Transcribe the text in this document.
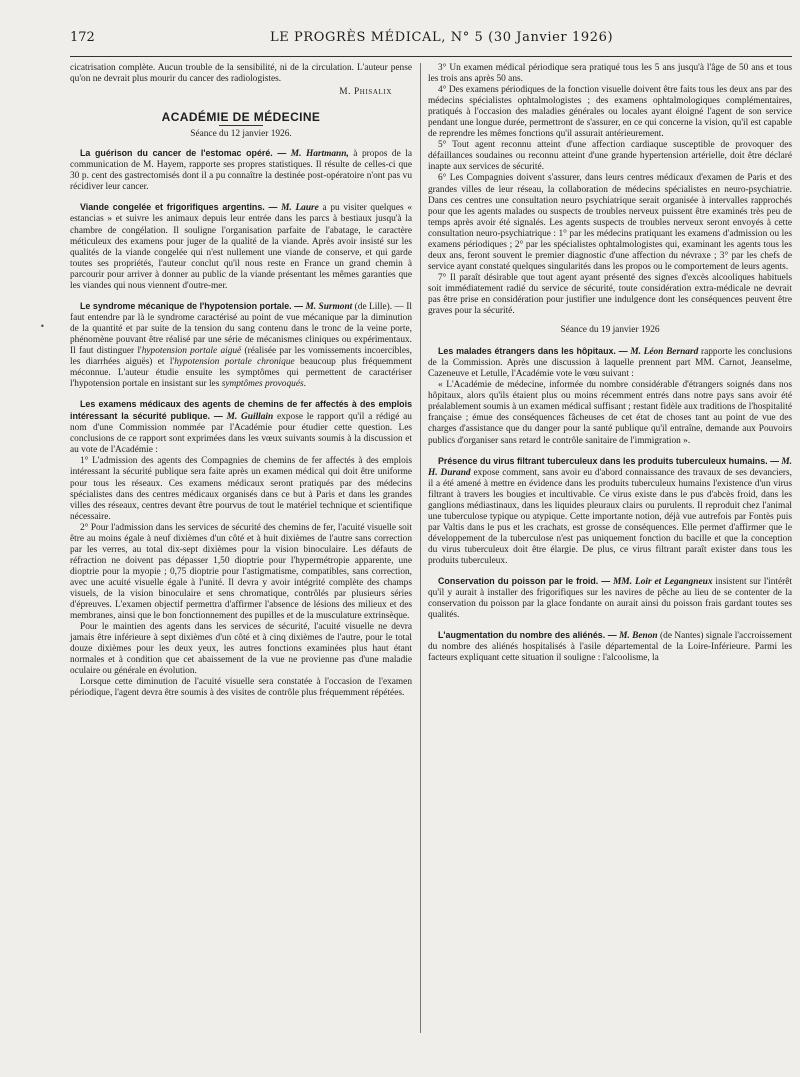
172	LE PROGRÈS MÉDICAL, N° 5 (30 Janvier 1926)
•

cicatrisation complète. Aucun trouble de la sensibilité, ni de la circulation. L'auteur pense qu'on ne devrait plus mourir du cancer des radiologistes.

M. Phisalix
ACADÉMIE DE MÉDECINE
Séance du 12 janvier 1926.

La guérison du cancer de l'estomac opéré. — M. Hartmann, à propos de la communication de M. Hayem, rapporte ses propres statistiques. Il résulte de celles-ci que 30 p. cent des gastrectomisés dont il a pu connaître la destinée post-opératoire n'ont pas vu récidiver leur cancer.

Viande congelée et frigorifiques argentins. — M. Laure a pu visiter quelques « estancias » et suivre les animaux depuis leur entrée dans les parcs à bestiaux jusqu'à la chambre de congélation. Il souligne l'organisation parfaite de l'abatage, le caractère méticuleux des examens pour juger de la qualité de la viande. Après avoir insisté sur les qualités de la viande congelée qui n'est nullement une viande de conserve, et qui garde toutes ses propriétés, l'auteur conclut qu'il nous reste en France un grand chemin à parcourir pour arriver à donner au public de la viande présentant les mêmes garanties que les viandes qui nous viennent d'outre-mer.

Le syndrome mécanique de l'hypotension portale. — M. Surmont (de Lille). — Il faut entendre par là le syndrome caractérisé au point de vue mécanique par la diminution de la quantité et par suite de la tension du sang contenu dans le tronc de la veine porte, phénomène pouvant être réalisé par une série de mécanismes cliniques ou expérimentaux. Il faut distinguer l'hypotension portale aiguë (réalisée par les vomissements incoercibles, les diarrhées aiguës) et l'hypotension portale chronique beaucoup plus fréquemment méconnue. L'auteur étudie ensuite les symptômes qui permettent de caractériser l'hypotension portale en insistant sur les symptômes provoqués.

Les examens médicaux des agents de chemins de fer affectés à des emplois intéressant la sécurité publique. — M. Guillain expose le rapport qu'il a rédigé au nom d'une Commission nommée par l'Académie pour étudier cette question. Les conclusions de ce rapport sont exprimées dans les vœux suivants soumis à la discussion et au vote de l'Académie :

1° L'admission des agents des Compagnies de chemins de fer affectés à des emplois intéressant la sécurité publique sera faite après un examen médical qui doit être uniforme pour tous les réseaux. Ces examens médicaux seront pratiqués par des médecins spécialistes dans des centres médicaux organisés dans ce but à Paris et dans les grandes villes des réseaux, centres devant être pourvus de tout le matériel technique et scientifique nécessaire.

2° Pour l'admission dans les services de sécurité des chemins de fer, l'acuité visuelle soit être au moins égale à neuf dixièmes d'un côté et à huit dixièmes de l'autre sans correction par les verres, au total dix-sept dixièmes pour la vision binoculaire. Les défauts de réfraction ne doivent pas dépasser 1,50 dioptrie pour l'hypermétropie apparente, une dioptrie pour la myopie ; 0,75 dioptrie pour l'astigmatisme, compatibles, sans correction, avec une acuité visuelle égale à l'unité. Il devra y avoir intégrité complète des champs visuels, de la vision binoculaire et sens chromatique, contrôlés par plusieurs séries d'épreuves. L'examen objectif permettra d'affirmer l'absence de lésions des milieux et des membranes, ainsi que le bon fonctionnement des pupilles et de la musculature extrinsèque.

Pour le maintien des agents dans les services de sécurité, l'acuité visuelle ne devra jamais être inférieure à sept dixièmes d'un côté et à cinq dixièmes de l'autre, pour le total douze dixièmes pour les deux yeux, les autres fonctions examinées plus haut étant normales et à condition que cet abaissement de la vue ne provienne pas d'une maladie oculaire ou générale en évolution.

Lorsque cette diminution de l'acuité visuelle sera constatée à l'occasion de l'examen périodique, l'agent devra être soumis à des visites de contrôle plus fréquemment répétées.

3° Un examen médical périodique sera pratiqué tous les 5 ans jusqu'à l'âge de 50 ans et tous les trois ans après 50 ans.

4° Des examens périodiques de la fonction visuelle doivent être faits tous les deux ans par des médecins spécialistes ophtalmologistes ; des examens ophtalmologiques complémentaires, pratiqués à l'occasion des maladies générales ou locales ayant éloigné l'agent de son service pendant une longue durée, permettront de s'assurer, en ce qui concerne la vision, qu'il est capable de reprendre les mêmes fonctions qu'il assurait antérieurement.

5° Tout agent reconnu atteint d'une affection cardiaque susceptible de provoquer des défaillances soudaines ou reconnu atteint d'une grande hypertension artérielle, doit être déclaré inapte aux services de sécurité.

6° Les Compagnies doivent s'assurer, dans leurs centres médicaux d'examen de Paris et des grandes villes de leur réseau, la collaboration de médecins spécialistes en neuro-psychiatrie. Dans ces centres une consultation neuro psychiatrique serait organisée à intervalles rapprochés pour que les agents malades ou suspects de troubles nerveux puissent être examinés très peu de temps après avoir été signalés. Les agents suspects de troubles nerveux seront envoyés à cette consultation neuro-psychiatrique : 1° par les médecins pratiquant les examens d'admission ou les examens périodiques ; 2° par les spécialistes ophtalmologistes qui, examinant les agents tous les deux ans, feront souvent le premier diagnostic d'une affection du névraxe ; 3° par les chefs de service ayant constaté quelques singularités dans les propos ou le comportement de leurs agents.

7° Il paraît désirable que tout agent ayant présenté des signes d'excès alcooliques habituels soit immédiatement radié du service de sécurité, toute considération extra-médicale ne devrait pas être prise en considération pour justifier une indulgence dont les conséquences peuvent être graves pour la sécurité.

Séance du 19 janvier 1926

Les malades étrangers dans les hôpitaux. — M. Léon Bernard rapporte les conclusions de la Commission. Après une discussion à laquelle prennent part MM. Carnot, Jeanselme, Cazeneuve et Letulle, l'Académie vote le vœu suivant :

« L'Académie de médecine, informée du nombre considérable d'étrangers soignés dans nos hôpitaux, alors qu'ils étaient plus ou moins récemment entrés dans notre pays sans avoir été préalablement soumis à un examen médical suffisant ; restant fidèle aux traditions de l'hospitalité française ; émue des conséquences fâcheuses de cet état de choses tant au point de vue des charges d'assistance que du danger pour la santé publique qu'il entraîne, demande aux Pouvoirs publics d'organiser sans retard le contrôle sanitaire de l'immigration ».

Présence du virus filtrant tuberculeux dans les produits tuberculeux humains. — M. H. Durand expose comment, sans avoir eu d'abord connaissance des travaux de ses devanciers, il a été amené à mettre en évidence dans les produits tuberculeux humains l'existence d'un virus filtrant à travers les bougies et incultivable. Ce virus existe dans le pus d'abcès froid, dans les ganglions médiastinaux, dans les liquides pleuraux clairs ou purulents. Il reproduit chez l'animal une tuberculose typique ou atypique. Cette importante notion, déjà vue autrefois par Fontès puis par Valtis dans le pus et les crachats, est grosse de conséquences. Elle permet d'affirmer que le développement de la tuberculose n'est pas uniquement fonction du bacille et que la conception du virus tuberculeux doit être élargie. De plus, ce virus filtrant paraît exister dans tous les produits tuberculeux.

Conservation du poisson par le froid. — MM. Loir et Legangneux insistent sur l'intérêt qu'il y aurait à installer des frigorifiques sur les navires de pêche au lieu de se contenter de la conservation du poisson par la glace fondante on aurait ainsi du poisson frais gardant toutes ses qualités.

L'augmentation du nombre des aliénés. — M. Benon (de Nantes) signale l'accroissement du nombre des aliénés hospitalisés à l'asile départemental de la Loire-Inférieure. Parmi les facteurs expliquant cette situation il souligne : l'alcoolisme, la
